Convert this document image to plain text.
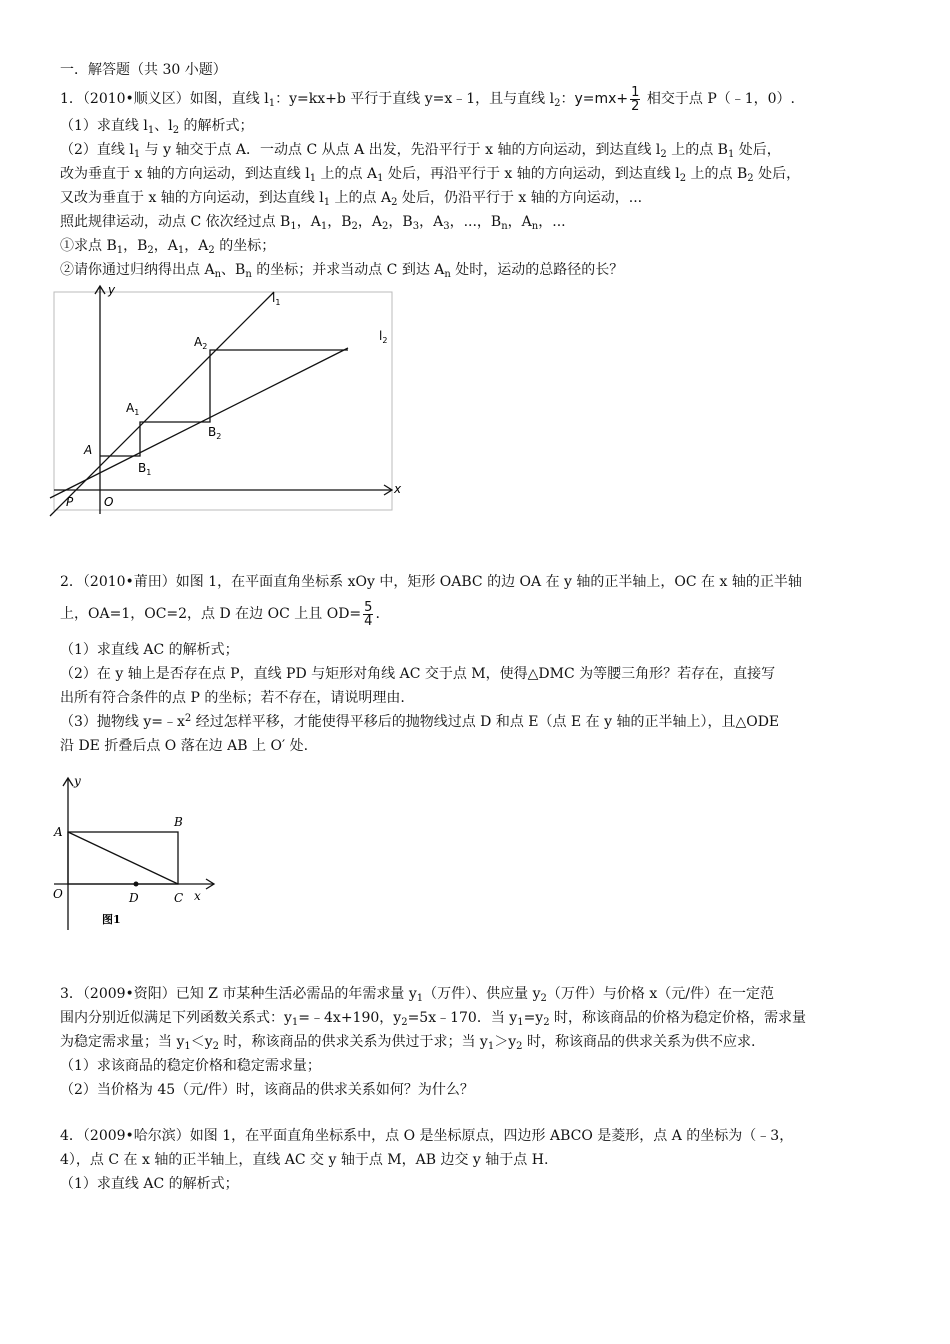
一．解答题（共 30 小题）

1．（2010•顺义区）如图，直线 $l_1$：y=kx+b 平行于直线 y=x﹣1，且与直线 $l_2$：$y=mx+ \frac{1}{2}$ 相交于点 P（﹣1，0）.

（1）求直线 $l_1$、$l_2$ 的解析式；

（2）直线 $l_1$ 与 y 轴交于点 A．一动点 C 从点 A 出发，先沿平行于 x 轴的方向运动，到达直线 $l_2$ 上的点 $B_1$ 处后，

改为垂直于 x 轴的方向运动，到达直线 $l_1$ 上的点 $A_1$ 处后，再沿平行于 x 轴的方向运动，到达直线 $l_2$ 上的点 $B_2$ 处后，

又改为垂直于 x 轴的方向运动，到达直线 $l_1$ 上的点 $A_2$ 处后，仍沿平行于 x 轴的方向运动，...

照此规律运动，动点 C 依次经过点 $B_1$，$A_1$，$B_2$，$A_2$，$B_3$，$A_3$，...，$B_n$，$A_n$，...

①求点 $B_1$，$B_2$，$A_1$，$A_2$ 的坐标；

②请你通过归纳得出点 $A_n$、$B_n$ 的坐标；并求当动点 C 到达 $A_n$ 处时，运动的总路径的长？

y
x
O
P
A
$l_1$
$l_2$
$A_1$
$A_2$
$B_1$
$B_2$

2．（2010•莆田）如图 1，在平面直角坐标系 xOy 中，矩形 OABC 的边 OA 在 y 轴的正半轴上，OC 在 x 轴的正半轴

上，OA=1，OC=2，点 D 在边 OC 上且 $OD= \frac{5}{4}$ .

（1）求直线 AC 的解析式；

（2）在 y 轴上是否存在点 P，直线 PD 与矩形对角线 AC 交于点 M，使得△DMC 为等腰三角形？若存在，直接写

出所有符合条件的点 P 的坐标；若不存在，请说明理由.

（3）抛物线 $y=﹣x^2$ 经过怎样平移，才能使得平移后的抛物线过点 D 和点 E（点 E 在 y 轴的正半轴上），且△ODE

沿 DE 折叠后点 O 落在边 AB 上 O′ 处.

y
x
O
A
B
C
D
图1

3．（2009•资阳）已知 Z 市某种生活必需品的年需求量 $y_1$（万件）、供应量 $y_2$（万件）与价格 x（元/件）在一定范

围内分别近似满足下列函数关系式：$y_1=﹣4x+190$，$y_2=5x﹣170$．当 $y_1=y_2$ 时，称该商品的价格为稳定价格，需求量

为稳定需求量；当 $y_1<y_2$ 时，称该商品的供求关系为供过于求；当 $y_1>y_2$ 时，称该商品的供求关系为供不应求.

（1）求该商品的稳定价格和稳定需求量；

（2）当价格为 45（元/件）时，该商品的供求关系如何？为什么？

4．（2009•哈尔滨）如图 1，在平面直角坐标系中，点 O 是坐标原点，四边形 ABCO 是菱形，点 A 的坐标为（﹣3，

4），点 C 在 x 轴的正半轴上，直线 AC 交 y 轴于点 M，AB 边交 y 轴于点 H.

（1）求直线 AC 的解析式；
